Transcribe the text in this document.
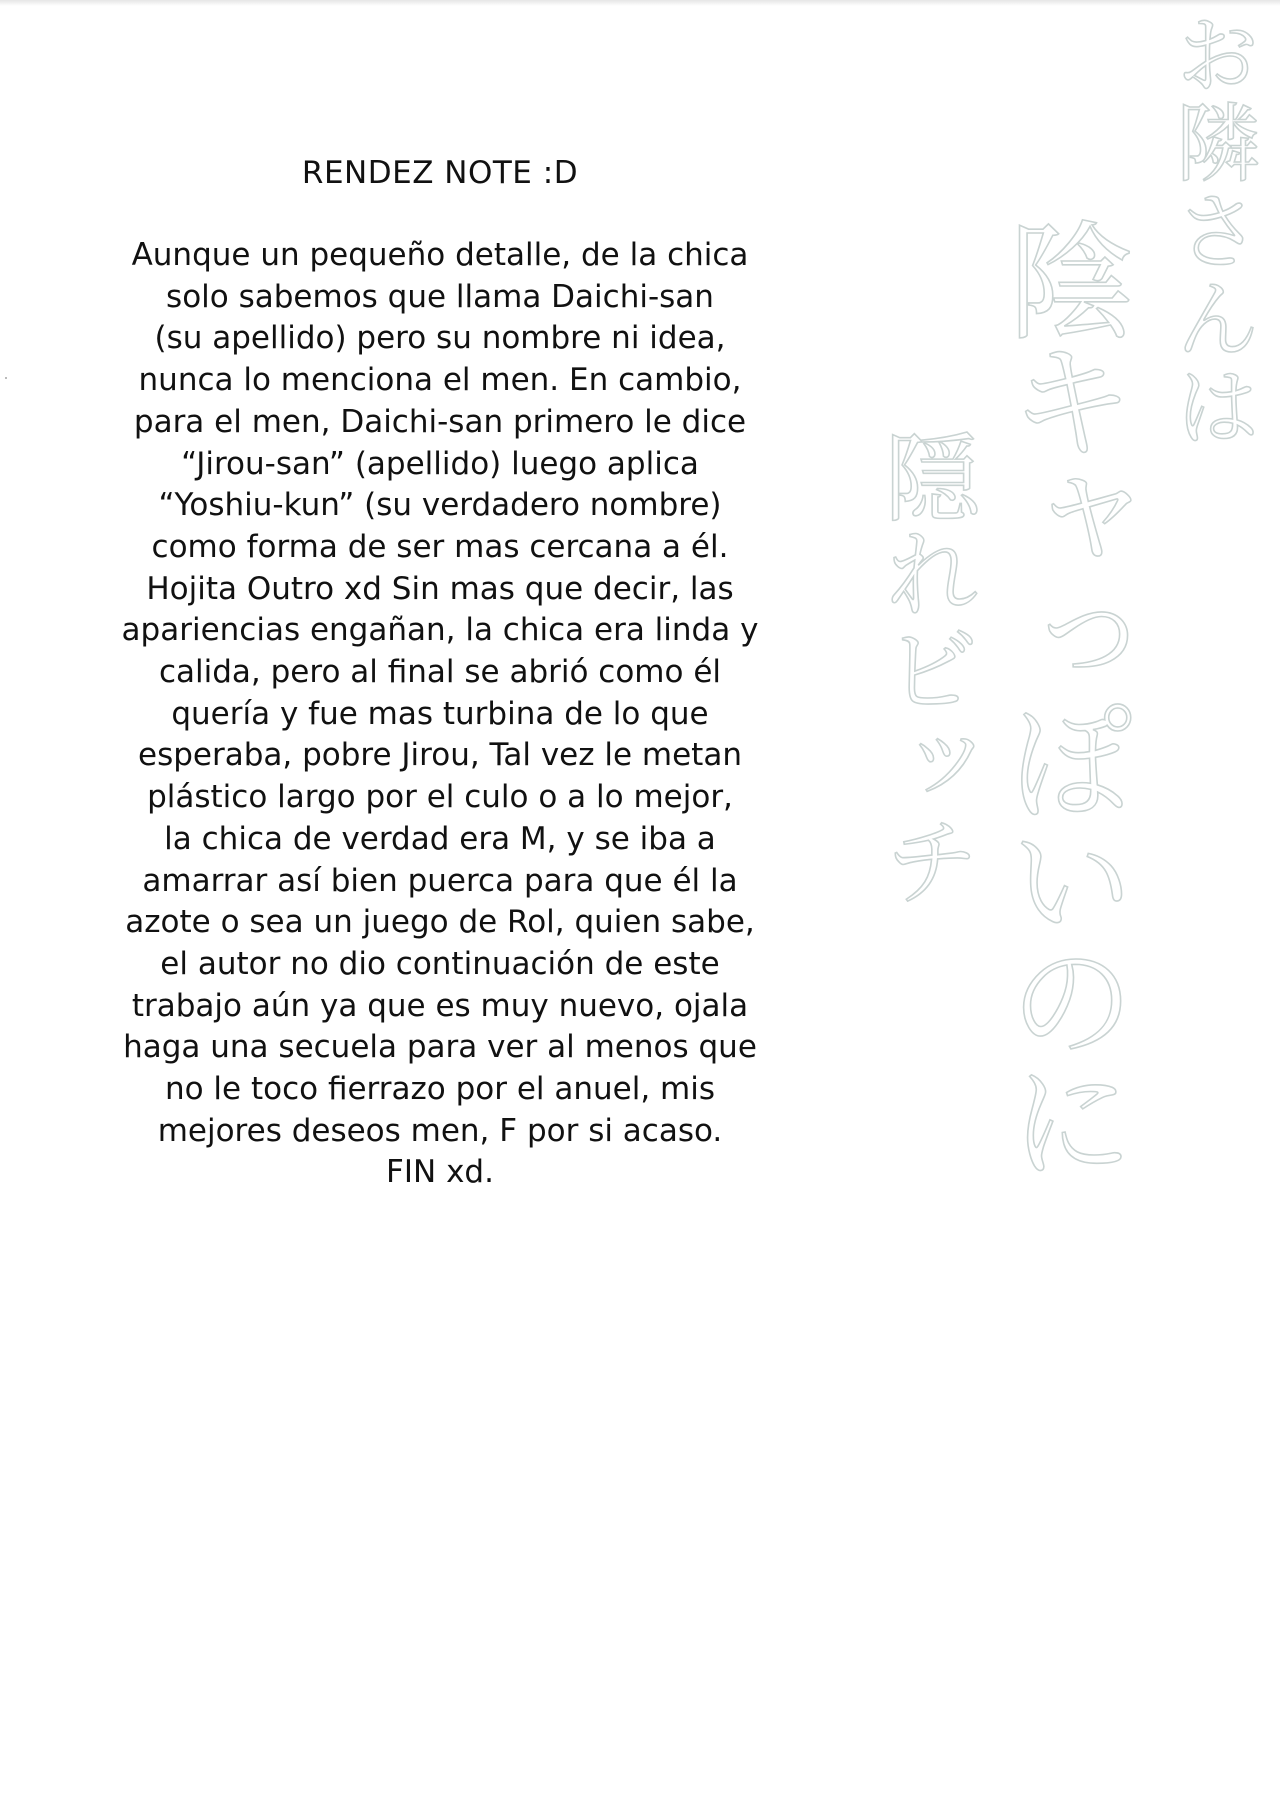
RENDEZ NOTE :D

Aunque un pequeño detalle, de la chica
solo sabemos que llama Daichi-san
(su apellido) pero su nombre ni idea,
nunca lo menciona el men. En cambio,
para el men, Daichi-san primero le dice
“Jirou-san” (apellido) luego aplica
“Yoshiu-kun” (su verdadero nombre)
como forma de ser mas cercana a él.
Hojita Outro xd Sin mas que decir, las
apariencias engañan, la chica era linda y
calida, pero al final se abrió como él
quería y fue mas turbina de lo que
esperaba, pobre Jirou, Tal vez le metan
plástico largo por el culo o a lo mejor,
la chica de verdad era M, y se iba a
amarrar así bien puerca para que él la
azote o sea un juego de Rol, quien sabe,
el autor no dio continuación de este
trabajo aún ya que es muy nuevo, ojala
haga una secuela para ver al menos que
no le toco fierrazo por el anuel, mis
mejores deseos men, F por si acaso.
FIN xd.

お隣さんは
陰キャっぽいのに
隠れビッチ
